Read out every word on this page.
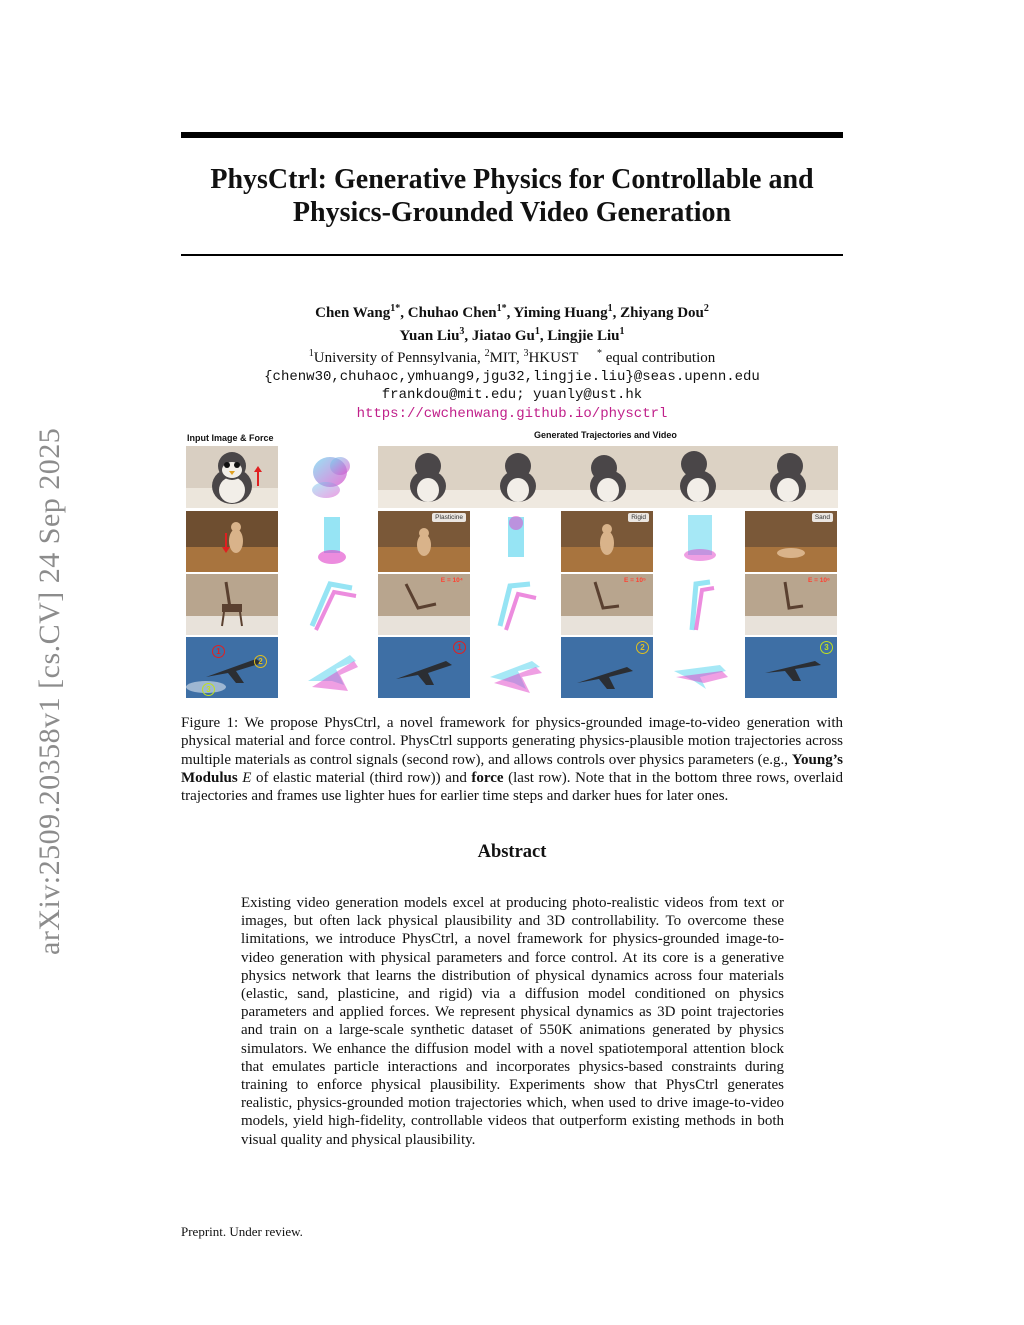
arXiv:2509.20358v1 [cs.CV] 24 Sep 2025
PhysCtrl: Generative Physics for Controllable and
Physics-Grounded Video Generation
Chen Wang$^{1*}$, Chuhao Chen$^{1*}$, Yiming Huang$^1$, Zhiyang Dou$^2$
Yuan Liu$^3$, Jiatao Gu$^1$, Lingjie Liu$^1$
$^1$University of Pennsylvania, $^2$MIT, $^3$HKUST * equal contribution
{chenw30,chuhaoc,ymhuang9,jgu32,lingjie.liu}@seas.upenn.edu
frankdou@mit.edu; yuanly@ust.hk
https://cwchenwang.github.io/physctrl
Input Image & Force	Generated Trajectories and Video
Plasticine	Rigid	Sand
E = 10⁴	E = 10⁵	E = 10⁶
1
2
3
1	2	3

Figure 1: We propose PhysCtrl, a novel framework for physics-grounded image-to-video generation with physical material and force control. PhysCtrl supports generating physics-plausible motion trajectories across multiple materials as control signals (second row), and allows controls over physics parameters (e.g., Young’s Modulus E of elastic material (third row)) and force (last row). Note that in the bottom three rows, overlaid trajectories and frames use lighter hues for earlier time steps and darker hues for later ones.

Abstract

Existing video generation models excel at producing photo-realistic videos from text or images, but often lack physical plausibility and 3D controllability. To overcome these limitations, we introduce PhysCtrl, a novel framework for physics-grounded image-to-video generation with physical parameters and force control. At its core is a generative physics network that learns the distribution of physical dynamics across four materials (elastic, sand, plasticine, and rigid) via a diffusion model conditioned on physics parameters and applied forces. We represent physical dynamics as 3D point trajectories and train on a large-scale synthetic dataset of 550K animations generated by physics simulators. We enhance the diffusion model with a novel spatiotemporal attention block that emulates particle interactions and incorporates physics-based constraints during training to enforce physical plausibility. Experiments show that PhysCtrl generates realistic, physics-grounded motion trajectories which, when used to drive image-to-video models, yield high-fidelity, controllable videos that outperform existing methods in both visual quality and physical plausibility.

Preprint. Under review.
